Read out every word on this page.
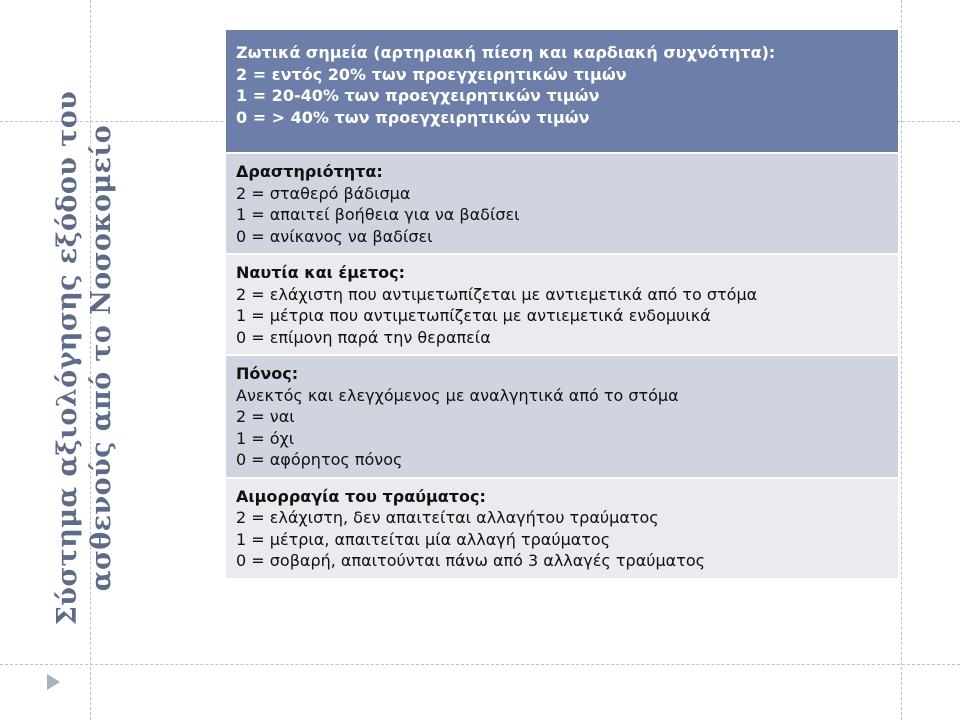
Σύστημα αξιολόγησης εξόδου του ασθενούς από το Νοσοκομείο
Ζωτικά σημεία (αρτηριακή πίεση και καρδιακή συχνότητα):
2 = εντός 20% των προεγχειρητικών τιμών
1 = 20-40% των προεγχειρητικών τιμών
0 = > 40% των προεγχειρητικών τιμών
Δραστηριότητα:
2 = σταθερό βάδισμα
1 = απαιτεί βοήθεια για να βαδίσει
0 = ανίκανος να βαδίσει
Ναυτία και έμετος:
2 = ελάχιστη που αντιμετωπίζεται με αντιεμετικά από το στόμα
1 = μέτρια που αντιμετωπίζεται με αντιεμετικά ενδομυικά
0 = επίμονη παρά την θεραπεία
Πόνος:
Ανεκτός και ελεγχόμενος με αναλγητικά από το στόμα
2 = ναι
1 = όχι
0 = αφόρητος πόνος
Αιμορραγία του τραύματος:
2 = ελάχιστη, δεν απαιτείται αλλαγήτου τραύματος
1 = μέτρια, απαιτείται μία αλλαγή τραύματος
0 = σοβαρή, απαιτούνται πάνω από 3 αλλαγές τραύματος
